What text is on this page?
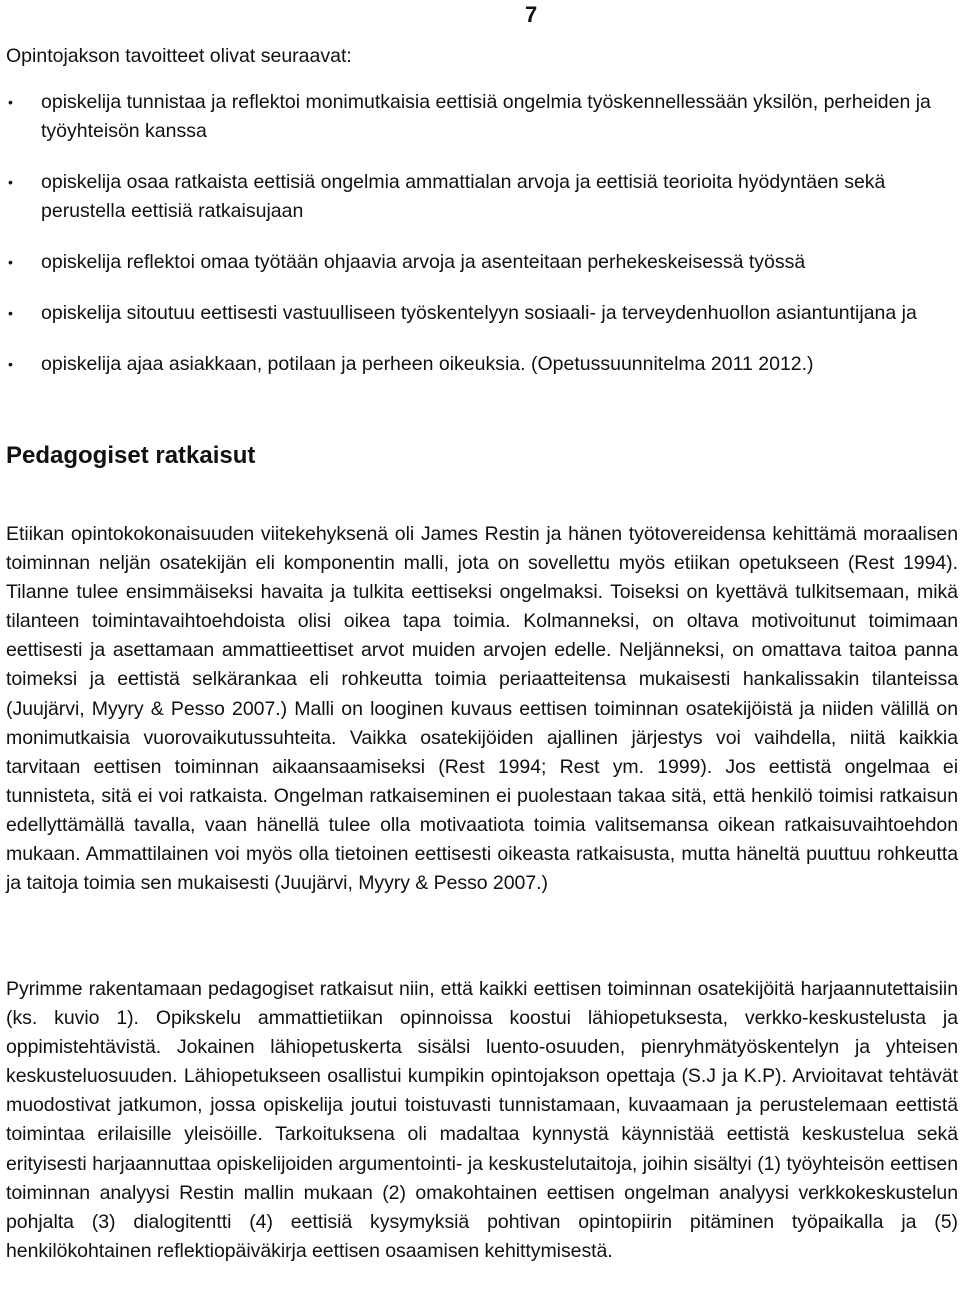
7
Opintojakson tavoitteet olivat seuraavat:
• opiskelija tunnistaa ja reflektoi monimutkaisia eettisiä ongelmia työskennellessään yksilön, perheiden ja työyhteisön kanssa
• opiskelija osaa ratkaista eettisiä ongelmia ammattialan arvoja ja eettisiä teorioita hyödyntäen sekä perustella eettisiä ratkaisujaan
• opiskelija reflektoi omaa työtään ohjaavia arvoja ja asenteitaan perhekeskeisessä työssä
• opiskelija sitoutuu eettisesti vastuulliseen työskentelyyn sosiaali- ja terveydenhuollon asiantuntijana ja
• opiskelija ajaa asiakkaan, potilaan ja perheen oikeuksia. (Opetussuunnitelma 2011 2012.)
Pedagogiset ratkaisut

Etiikan opintokokonaisuuden viitekehyksenä oli James Restin ja hänen työtovereidensa kehittämä moraalisen toiminnan neljän osatekijän eli komponentin malli, jota on sovellettu myös etiikan opetukseen (Rest 1994). Tilanne tulee ensimmäiseksi havaita ja tulkita eettiseksi ongelmaksi. Toiseksi on kyettävä tulkitsemaan, mikä tilanteen toimintavaihtoehdoista olisi oikea tapa toimia. Kolmanneksi, on oltava motivoitunut toimimaan eettisesti ja asettamaan ammattieettiset arvot muiden arvojen edelle. Neljänneksi, on omattava taitoa panna toimeksi ja eettistä selkärankaa eli rohkeutta toimia periaatteitensa mukaisesti hankalissakin tilanteissa (Juujärvi, Myyry & Pesso 2007.) Malli on looginen kuvaus eettisen toiminnan osatekijöistä ja niiden välillä on monimutkaisia vuorovaikutussuhteita. Vaikka osatekijöiden ajallinen järjestys voi vaihdella, niitä kaikkia tarvitaan eettisen toiminnan aikaansaamiseksi (Rest 1994; Rest ym. 1999). Jos eettistä ongelmaa ei tunnisteta, sitä ei voi ratkaista. Ongelman ratkaiseminen ei puolestaan takaa sitä, että henkilö toimisi ratkaisun edellyttämällä tavalla, vaan hänellä tulee olla motivaatiota toimia valitsemansa oikean ratkaisuvaihtoehdon mukaan. Ammattilainen voi myös olla tietoinen eettisesti oikeasta ratkaisusta, mutta häneltä puuttuu rohkeutta ja taitoja toimia sen mukaisesti (Juujärvi, Myyry & Pesso 2007.)

Pyrimme rakentamaan pedagogiset ratkaisut niin, että kaikki eettisen toiminnan osatekijöitä harjaannutettaisiin (ks. kuvio 1). Opikskelu ammattietiikan opinnoissa koostui lähiopetuksesta, verkko-keskustelusta ja oppimistehtävistä. Jokainen lähiopetuskerta sisälsi luento-osuuden, pienryhmätyöskentelyn ja yhteisen keskusteluosuuden. Lähiopetukseen osallistui kumpikin opintojakson opettaja (S.J ja K.P). Arvioitavat tehtävät muodostivat jatkumon, jossa opiskelija joutui toistuvasti tunnistamaan, kuvaamaan ja perustelemaan eettistä toimintaa erilaisille yleisöille. Tarkoituksena oli madaltaa kynnystä käynnistää eettistä keskustelua sekä erityisesti harjaannuttaa opiskelijoiden argumentointi- ja keskustelutaitoja, joihin sisältyi (1) työyhteisön eettisen toiminnan analyysi Restin mallin mukaan (2) omakohtainen eettisen ongelman analyysi verkkokeskustelun pohjalta (3) dialogitentti (4) eettisiä kysymyksiä pohtivan opintopiirin pitäminen työpaikalla ja (5) henkilökohtainen reflektiopäiväkirja eettisen osaamisen kehittymisestä.
